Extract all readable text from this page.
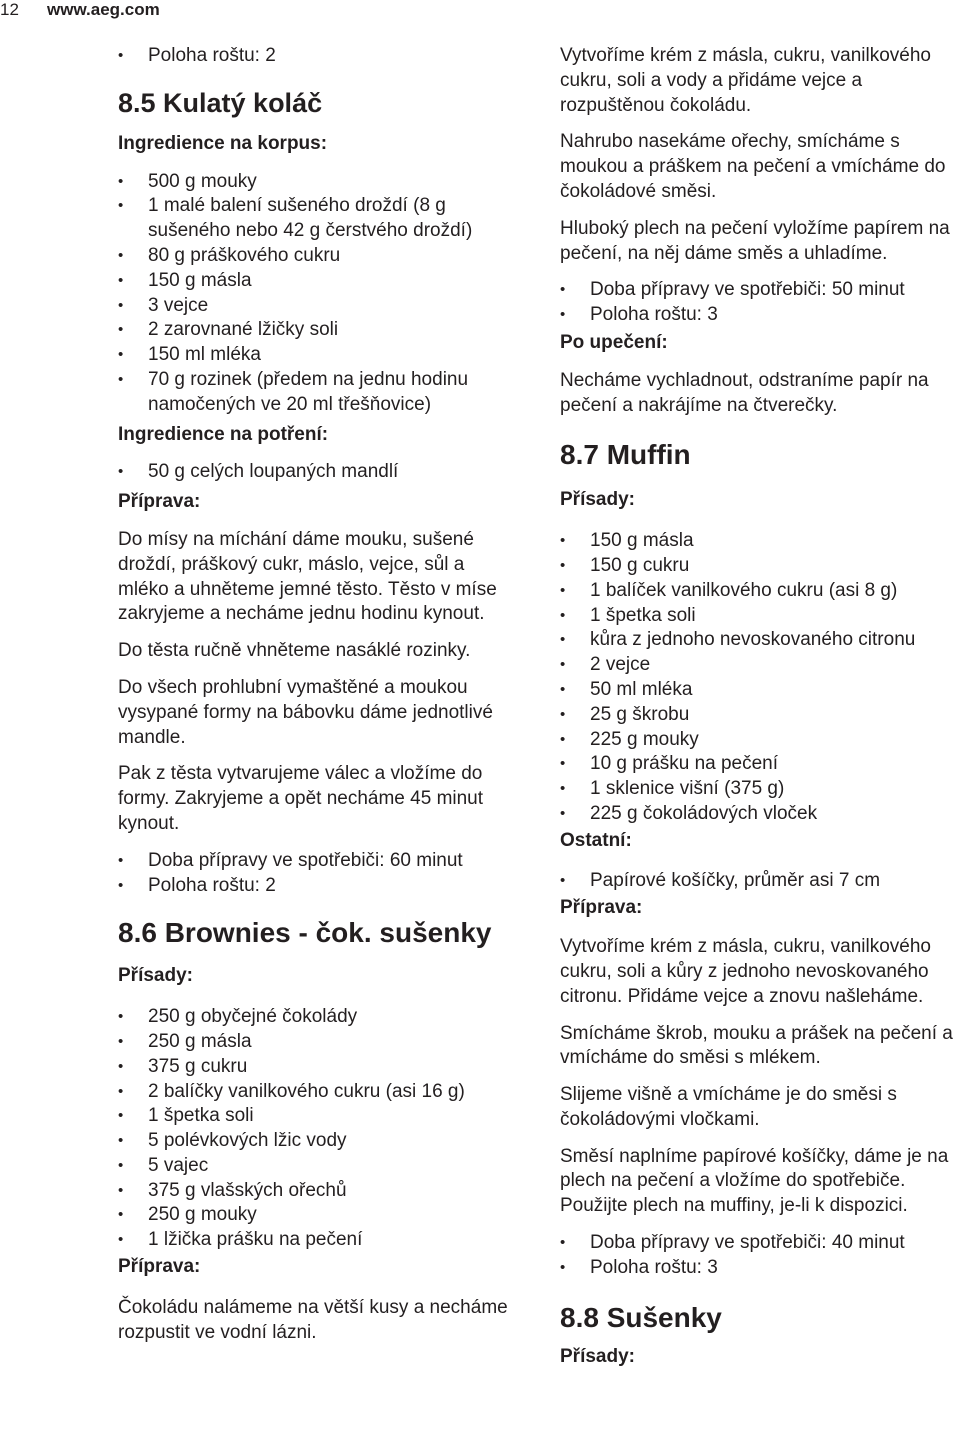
12 www.aeg.com
• Poloha roštu: 2
8.5 Kulatý koláč
Ingredience na korpus:
• 500 g mouky
• 1 malé balení sušeného droždí (8 g sušeného nebo 42 g čerstvého droždí)
• 80 g práškového cukru
• 150 g másla
• 3 vejce
• 2 zarovnané lžičky soli
• 150 ml mléka
• 70 g rozinek (předem na jednu hodinu namočených ve 20 ml třešňovice)
Ingredience na potření:
• 50 g celých loupaných mandlí
Příprava:

Do mísy na míchání dáme mouku, sušené droždí, práškový cukr, máslo, vejce, sůl a mléko a uhněteme jemné těsto. Těsto v míse zakryjeme a necháme jednu hodinu kynout.

Do těsta ručně vhněteme nasáklé rozinky.

Do všech prohlubní vymaštěné a moukou vysypané formy na bábovku dáme jednotlivé mandle.

Pak z těsta vytvarujeme válec a vložíme do formy. Zakryjeme a opět necháme 45 minut kynout.

• Doba přípravy ve spotřebiči: 60 minut
• Poloha roštu: 2
8.6 Brownies - čok. sušenky
Přísady:
• 250 g obyčejné čokolády
• 250 g másla
• 375 g cukru
• 2 balíčky vanilkového cukru (asi 16 g)
• 1 špetka soli
• 5 polévkových lžic vody
• 5 vajec
• 375 g vlašských ořechů
• 250 g mouky
• 1 lžička prášku na pečení
Příprava:

Čokoládu nalámeme na větší kusy a necháme rozpustit ve vodní lázni.

Vytvoříme krém z másla, cukru, vanilkového cukru, soli a vody a přidáme vejce a rozpuštěnou čokoládu.

Nahrubo nasekáme ořechy, smícháme s moukou a práškem na pečení a vmícháme do čokoládové směsi.

Hluboký plech na pečení vyložíme papírem na pečení, na něj dáme směs a uhladíme.

• Doba přípravy ve spotřebiči: 50 minut
• Poloha roštu: 3
Po upečení:

Necháme vychladnout, odstraníme papír na pečení a nakrájíme na čtverečky.

8.7 Muffin
Přísady:
• 150 g másla
• 150 g cukru
• 1 balíček vanilkového cukru (asi 8 g)
• 1 špetka soli
• kůra z jednoho nevoskovaného citronu
• 2 vejce
• 50 ml mléka
• 25 g škrobu
• 225 g mouky
• 10 g prášku na pečení
• 1 sklenice višní (375 g)
• 225 g čokoládových vloček
Ostatní:
• Papírové košíčky, průměr asi 7 cm
Příprava:

Vytvoříme krém z másla, cukru, vanilkového cukru, soli a kůry z jednoho nevoskovaného citronu. Přidáme vejce a znovu našleháme.

Smícháme škrob, mouku a prášek na pečení a vmícháme do směsi s mlékem.

Slijeme višně a vmícháme je do směsi s čokoládovými vločkami.

Směsí naplníme papírové košíčky, dáme je na plech na pečení a vložíme do spotřebiče. Použijte plech na muffiny, je-li k dispozici.

• Doba přípravy ve spotřebiči: 40 minut
• Poloha roštu: 3
8.8 Sušenky
Přísady:
